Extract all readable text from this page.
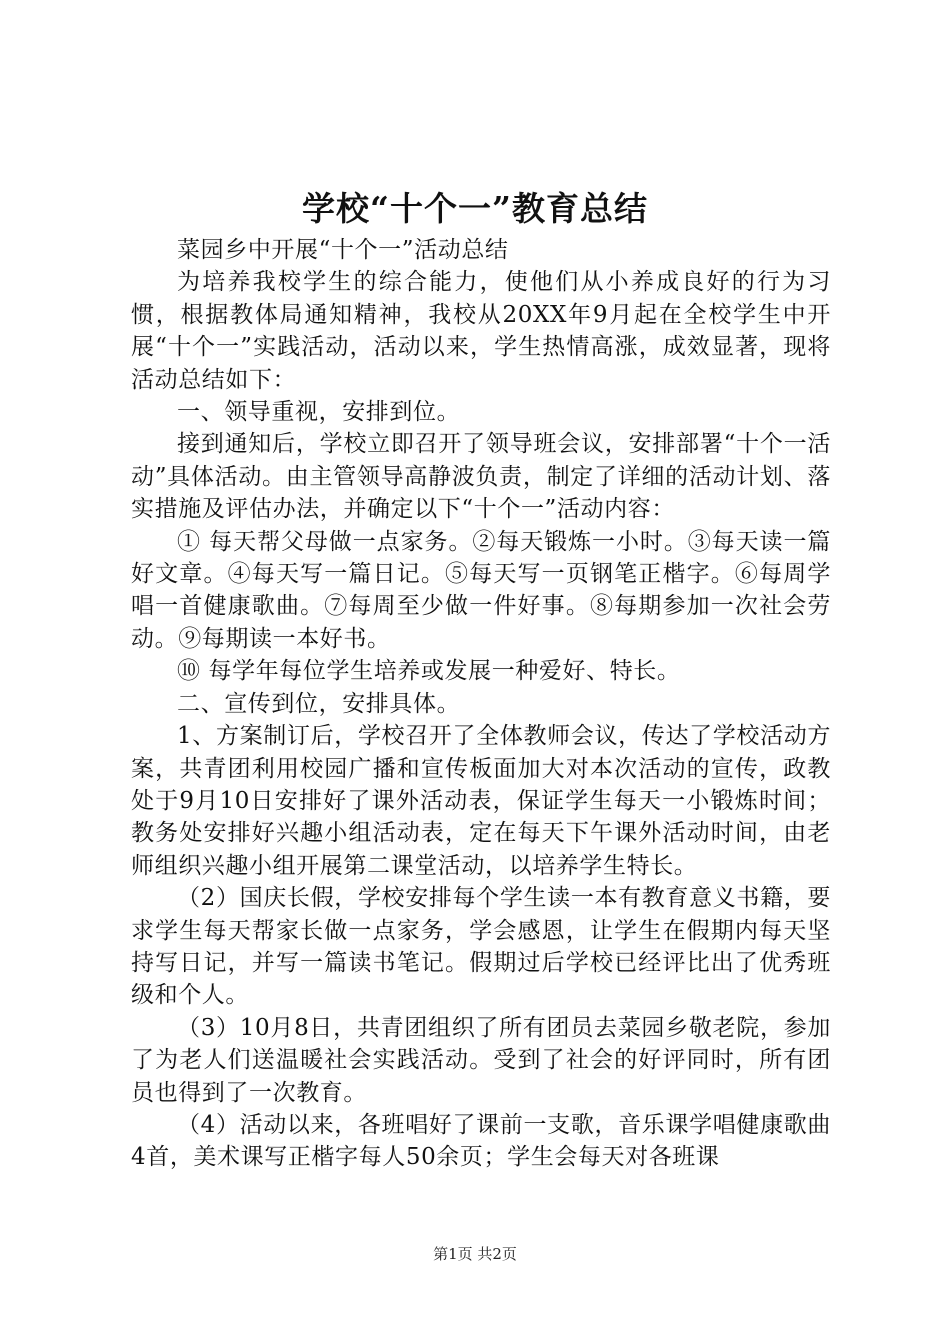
学校“十个一”教育总结

菜园乡中开展“十个一”活动总结

为培养我校学生的综合能力，使他们从小养成良好的行为习惯，根据教体局通知精神，我校从20XX年9月起在全校学生中开展“十个一”实践活动，活动以来，学生热情高涨，成效显著，现将活动总结如下：

一、领导重视，安排到位。

接到通知后，学校立即召开了领导班会议，安排部署“十个一活动”具体活动。由主管领导高静波负责，制定了详细的活动计划、落实措施及评估办法，并确定以下“十个一”活动内容：

① 每天帮父母做一点家务。②每天锻炼一小时。③每天读一篇好文章。④每天写一篇日记。⑤每天写一页钢笔正楷字。⑥每周学唱一首健康歌曲。⑦每周至少做一件好事。⑧每期参加一次社会劳动。⑨每期读一本好书。

⑩ 每学年每位学生培养或发展一种爱好、特长。

二、宣传到位，安排具体。

1、方案制订后，学校召开了全体教师会议，传达了学校活动方案，共青团利用校园广播和宣传板面加大对本次活动的宣传，政教处于9月10日安排好了课外活动表，保证学生每天一小锻炼时间；教务处安排好兴趣小组活动表，定在每天下午课外活动时间，由老师组织兴趣小组开展第二课堂活动，以培养学生特长。

（2）国庆长假，学校安排每个学生读一本有教育意义书籍，要求学生每天帮家长做一点家务，学会感恩，让学生在假期内每天坚持写日记，并写一篇读书笔记。假期过后学校已经评比出了优秀班级和个人。

（3）10月8日，共青团组织了所有团员去菜园乡敬老院，参加了为老人们送温暖社会实践活动。受到了社会的好评同时，所有团员也得到了一次教育。

（4）活动以来，各班唱好了课前一支歌，音乐课学唱健康歌曲4首，美术课写正楷字每人50余页；学生会每天对各班课

第1页 共2页
